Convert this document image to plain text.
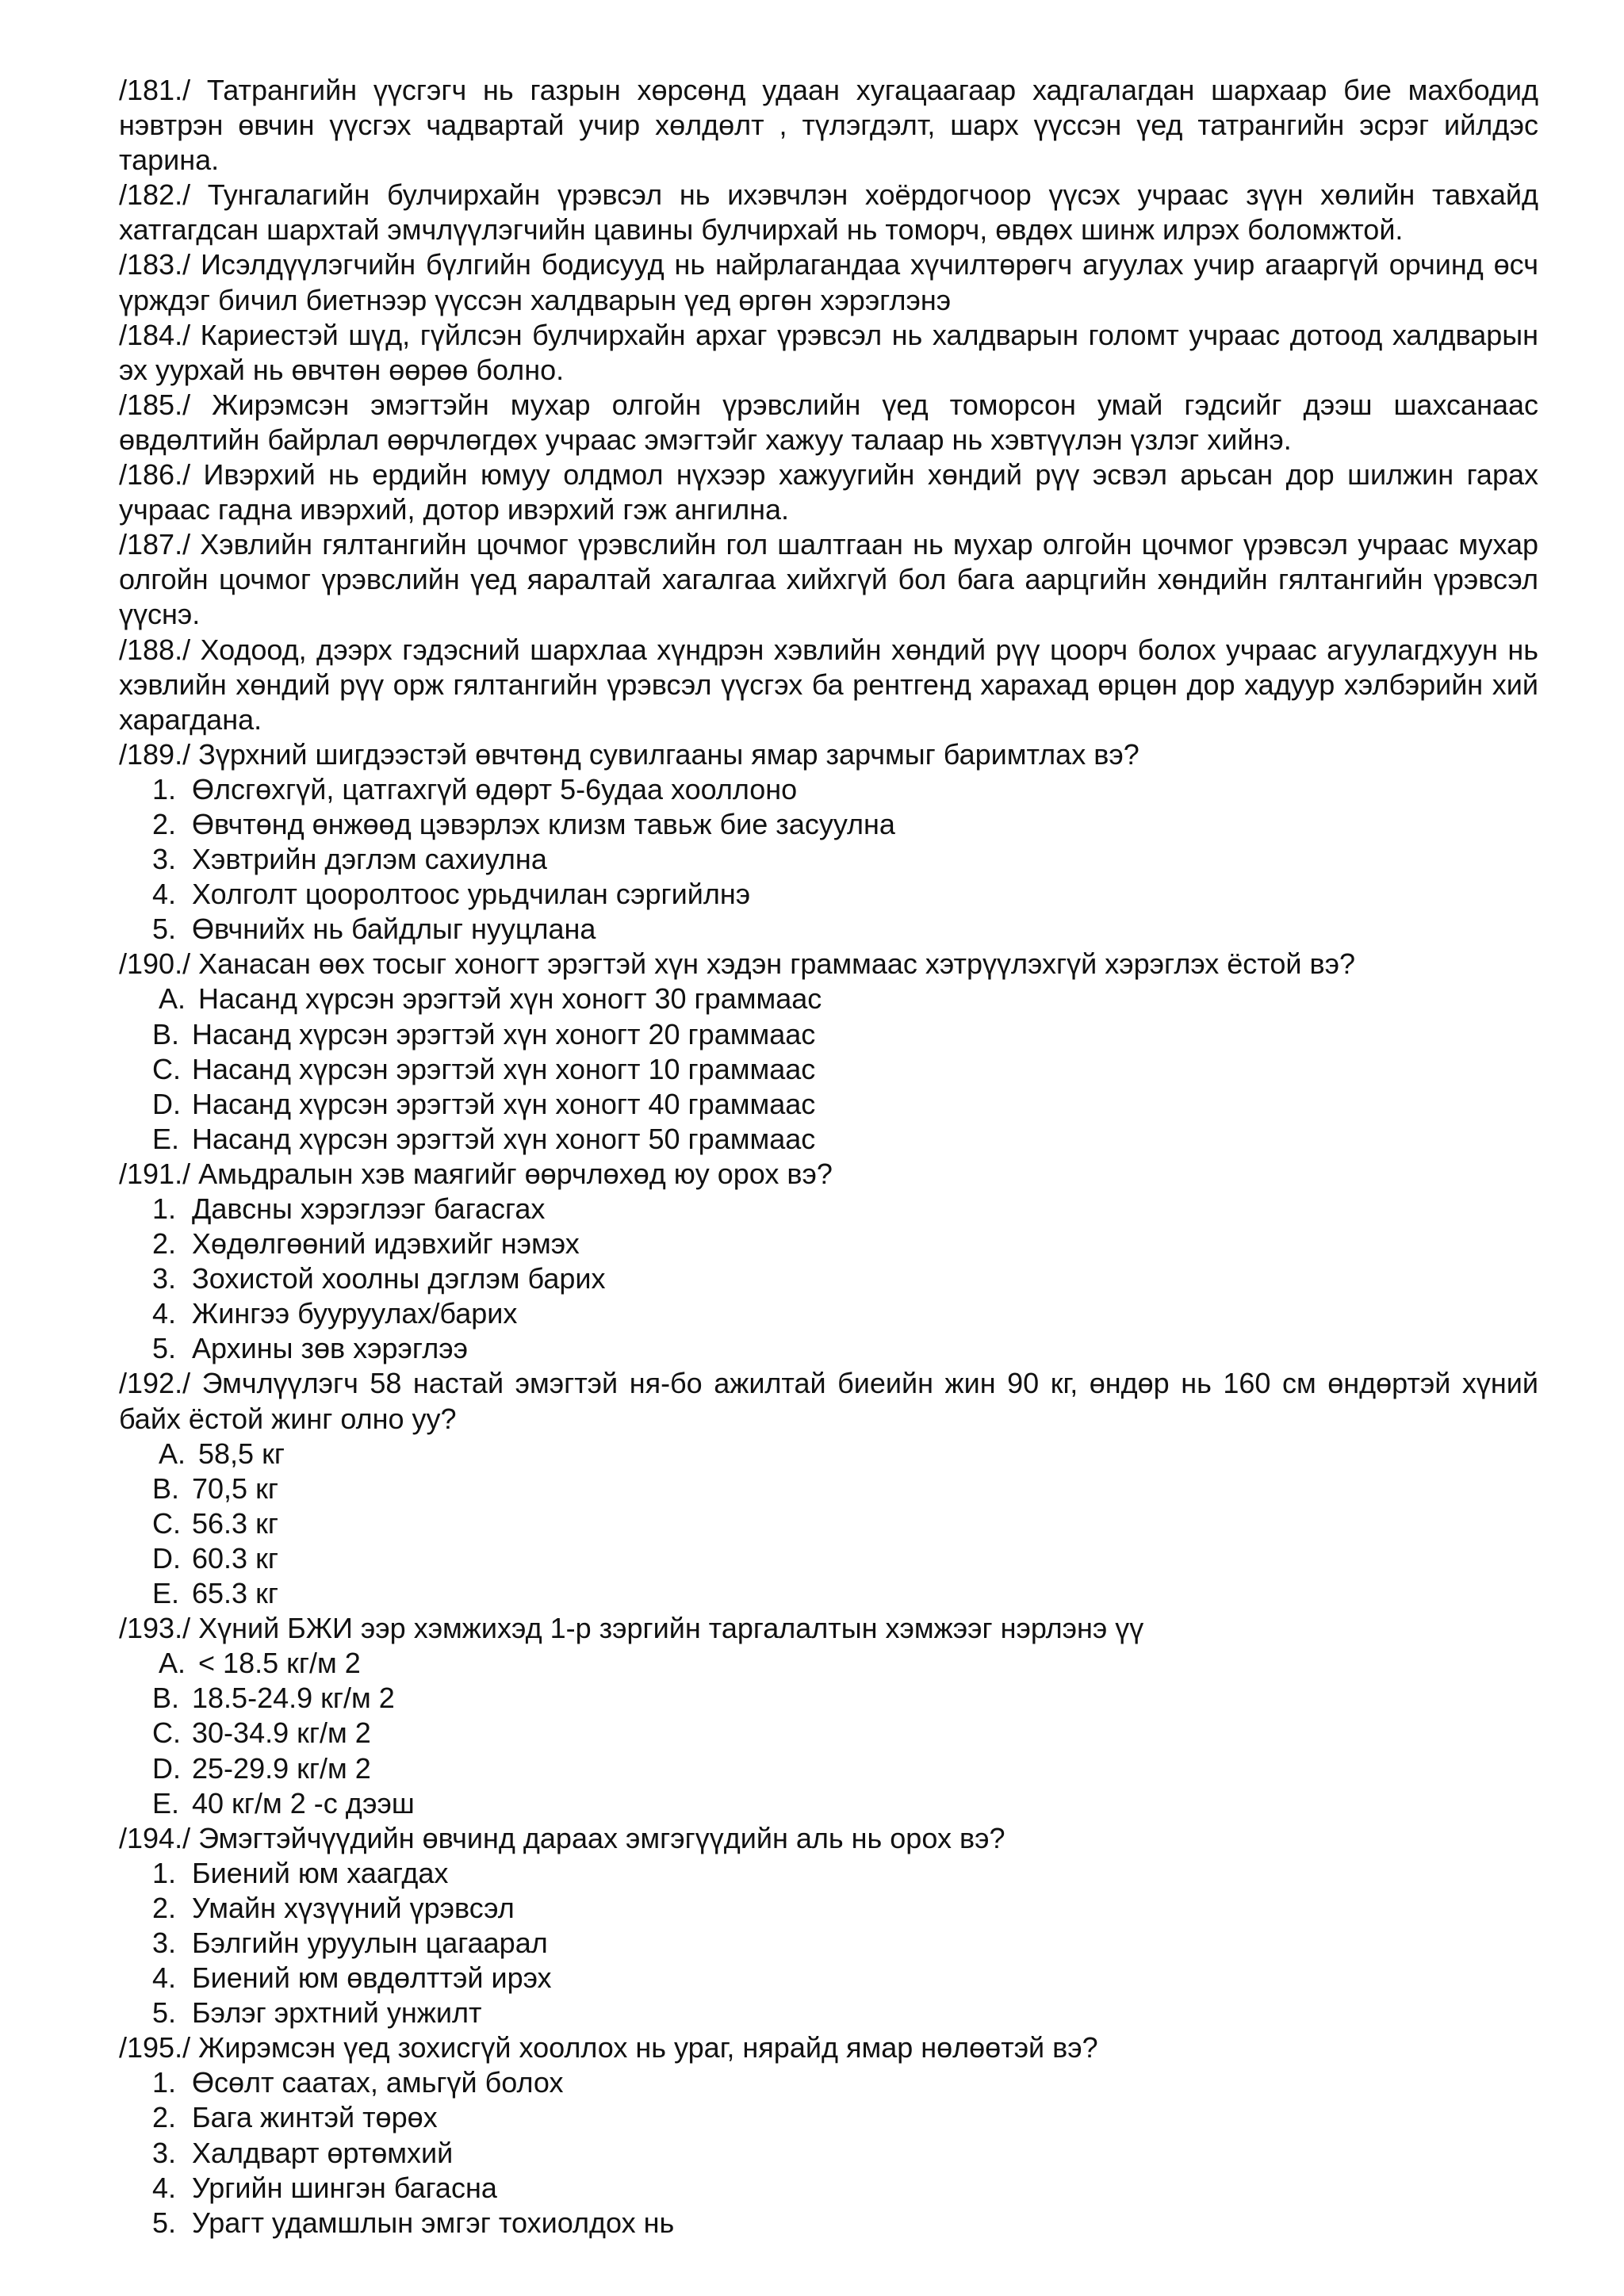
/181./ Татрангийн үүсгэгч нь газрын хөрсөнд удаан хугацаагаар хадгалагдан шархаар бие махбодид нэвтрэн өвчин үүсгэх чадвартай учир хөлдөлт , түлэгдэлт, шарх үүссэн үед татрангийн эсрэг ийлдэс тарина.

/182./ Тунгалагийн булчирхайн үрэвсэл нь ихэвчлэн хоёрдогчоор үүсэх учраас зүүн хөлийн тавхайд хатгагдсан шархтай эмчлүүлэгчийн цавины булчирхай нь томорч, өвдөх шинж илрэх боломжтой.

/183./ Исэлдүүлэгчийн бүлгийн бодисууд нь найрлагандаа хүчилтөрөгч агуулах учир агааргүй орчинд өсч үрждэг бичил биетнээр үүссэн халдварын үед өргөн хэрэглэнэ

/184./ Кариестэй шүд, гүйлсэн булчирхайн архаг үрэвсэл нь халдварын голомт учраас дотоод халдварын эх уурхай нь өвчтөн өөрөө болно.

/185./ Жирэмсэн эмэгтэйн мухар олгойн үрэвслийн үед томорсон умай гэдсийг дээш шахсанаас өвдөлтийн байрлал өөрчлөгдөх учраас эмэгтэйг хажуу талаар нь хэвтүүлэн үзлэг хийнэ.

/186./ Ивэрхий нь ердийн юмуу олдмол нүхээр хажуугийн хөндий рүү эсвэл арьсан дор шилжин гарах учраас гадна ивэрхий, дотор ивэрхий гэж ангилна.

/187./ Хэвлийн гялтангийн цочмог үрэвслийн гол шалтгаан нь мухар олгойн цочмог үрэвсэл учраас мухар олгойн цочмог үрэвслийн үед яаралтай хагалгаа хийхгүй бол бага аарцгийн хөндийн гялтангийн үрэвсэл үүснэ.

/188./ Ходоод, дээрх гэдэсний шархлаа хүндрэн хэвлийн хөндий рүү цоорч болох учраас агуулагдхуун нь хэвлийн хөндий рүү орж гялтангийн үрэвсэл үүсгэх ба рентгенд харахад өрцөн дор хадуур хэлбэрийн хий харагдана.

/189./ Зүрхний шигдээстэй өвчтөнд сувилгааны ямар зарчмыг баримтлах вэ?

1. Өлсгөхгүй, цатгахгүй өдөрт 5-6удаа хооллоно
2. Өвчтөнд өнжөөд цэвэрлэх клизм тавьж бие засуулна
3. Хэвтрийн дэглэм сахиулна
4. Холголт цооролтоос урьдчилан сэргийлнэ
5. Өвчнийх нь байдлыг нууцлана

/190./ Ханасан өөх тосыг хоногт эрэгтэй хүн хэдэн граммаас хэтрүүлэхгүй хэрэглэх ёстой вэ?

A. Насанд хүрсэн эрэгтэй хүн хоногт 30 граммаас
B. Насанд хүрсэн эрэгтэй хүн хоногт 20 граммаас
C. Насанд хүрсэн эрэгтэй хүн хоногт 10 граммаас
D. Насанд хүрсэн эрэгтэй хүн хоногт 40 граммаас
E. Насанд хүрсэн эрэгтэй хүн хоногт 50 граммаас

/191./ Амьдралын хэв маягийг өөрчлөхөд юу орох вэ?

1. Давсны хэрэглээг багасгах
2. Хөдөлгөөний идэвхийг нэмэх
3. Зохистой хоолны дэглэм барих
4. Жингээ бууруулах/барих
5. Архины зөв хэрэглээ

/192./ Эмчлүүлэгч 58 настай эмэгтэй ня-бо ажилтай биеийн жин 90 кг, өндөр нь 160 см өндөртэй хүний байх ёстой жинг олно уу?

A. 58,5 кг
B. 70,5 кг
C. 56.3 кг
D. 60.3 кг
E. 65.3 кг

/193./ Хүний БЖИ ээр хэмжихэд 1-р зэргийн таргалалтын хэмжээг нэрлэнэ үү

A. < 18.5 кг/м 2
B. 18.5-24.9 кг/м 2
C. 30-34.9 кг/м 2
D. 25-29.9 кг/м 2
E. 40 кг/м 2 -с дээш

/194./ Эмэгтэйчүүдийн өвчинд дараах эмгэгүүдийн аль нь орох вэ?

1. Биений юм хаагдах
2. Умайн хүзүүний үрэвсэл
3. Бэлгийн уруулын цагаарал
4. Биений юм өвдөлттэй ирэх
5. Бэлэг эрхтний унжилт

/195./ Жирэмсэн үед зохисгүй хооллох нь ураг, нярайд ямар нөлөөтэй вэ?

1. Өсөлт саатах, амьгүй болох
2. Бага жинтэй төрөх
3. Халдварт өртөмхий
4. Ургийн шингэн багасна
5. Урагт удамшлын эмгэг тохиолдох нь
